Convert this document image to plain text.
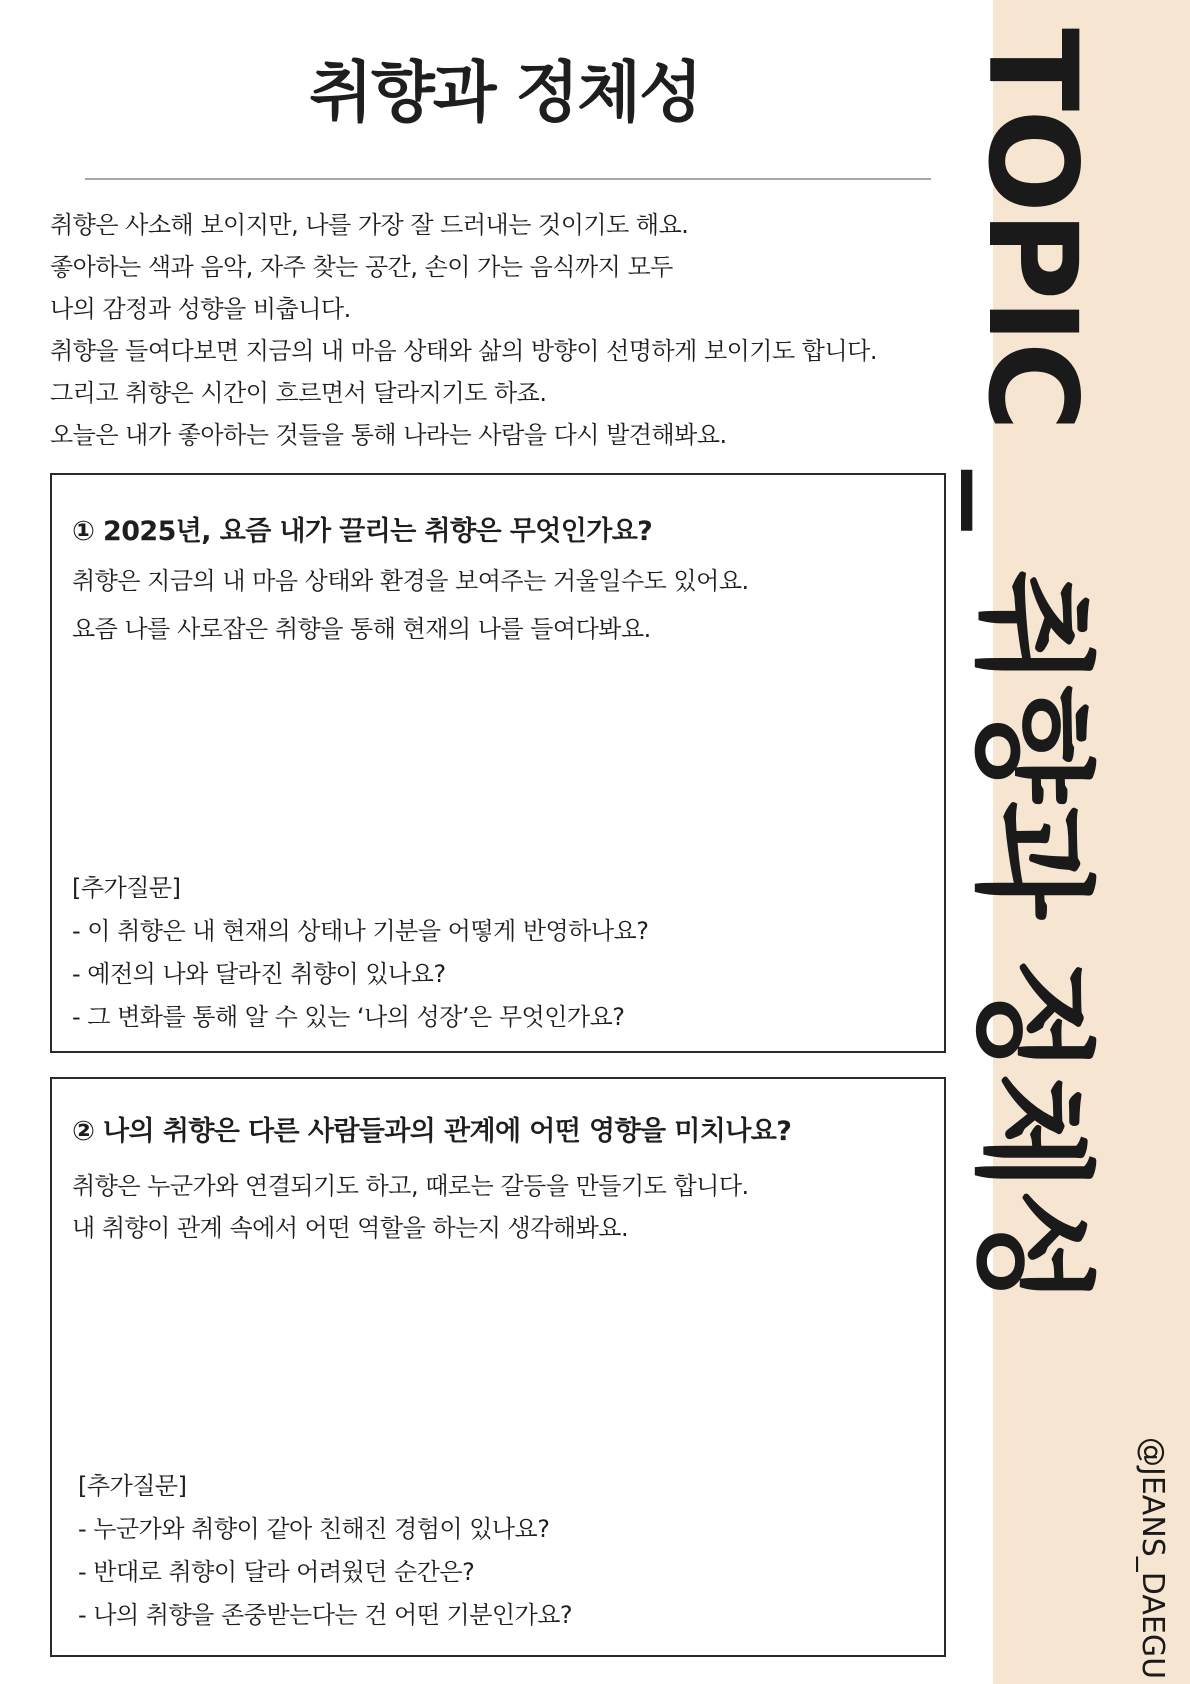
취향과 정체성
취향은 사소해 보이지만, 나를 가장 잘 드러내는 것이기도 해요.
좋아하는 색과 음악, 자주 찾는 공간, 손이 가는 음식까지 모두
나의 감정과 성향을 비춥니다.
취향을 들여다보면 지금의 내 마음 상태와 삶의 방향이 선명하게 보이기도 합니다.
그리고 취향은 시간이 흐르면서 달라지기도 하죠.
오늘은 내가 좋아하는 것들을 통해 나라는 사람을 다시 발견해봐요.
① 2025년, 요즘 내가 끌리는 취향은 무엇인가요?
취향은 지금의 내 마음 상태와 환경을 보여주는 거울일수도 있어요.
요즘 나를 사로잡은 취향을 통해 현재의 나를 들여다봐요.
[추가질문]
- 이 취향은 내 현재의 상태나 기분을 어떻게 반영하나요?
- 예전의 나와 달라진 취향이 있나요?
- 그 변화를 통해 알 수 있는 ‘나의 성장’은 무엇인가요?
② 나의 취향은 다른 사람들과의 관계에 어떤 영향을 미치나요?
취향은 누군가와 연결되기도 하고, 때로는 갈등을 만들기도 합니다.
내 취향이 관계 속에서 어떤 역할을 하는지 생각해봐요.
[추가질문]
- 누군가와 취향이 같아 친해진 경험이 있나요?
- 반대로 취향이 달라 어려웠던 순간은?
- 나의 취향을 존중받는다는 건 어떤 기분인가요?
TOPIC _ 취향과 정체성
@JEANS_DAEGU
